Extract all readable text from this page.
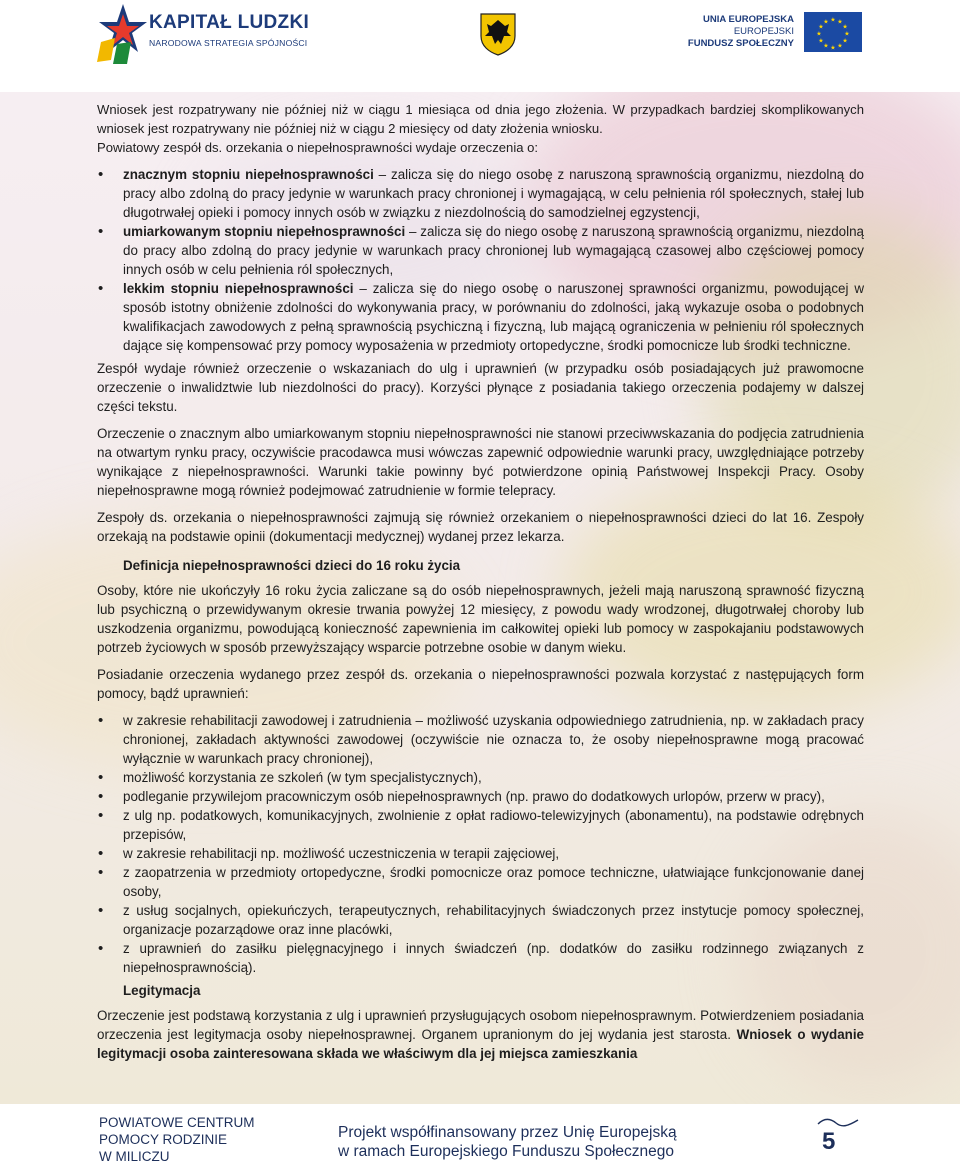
KAPITAŁ LUDZKI
NARODOWA STRATEGIA SPÓJNOŚCI
UNIA EUROPEJSKA
EUROPEJSKI
FUNDUSZ SPOŁECZNY
★ ★
★
★
★
★
★
★
★
★
★
★

Wniosek jest rozpatrywany nie później niż w ciągu 1 miesiąca od dnia jego złożenia. W przypadkach bardziej skomplikowanych wniosek jest rozpatrywany nie później niż w ciągu 2 miesięcy od daty złożenia wniosku.

Powiatowy zespół ds. orzekania o niepełnosprawności wydaje orzeczenia o:

• znacznym stopniu niepełnosprawności – zalicza się do niego osobę z naruszoną sprawnością organizmu, niezdolną do pracy albo zdolną do pracy jedynie w warunkach pracy chronionej i wymagającą, w celu pełnienia ról społecznych, stałej lub długotrwałej opieki i pomocy innych osób w związku z niezdolnością do samodzielnej egzystencji,
• umiarkowanym stopniu niepełnosprawności – zalicza się do niego osobę z naruszoną sprawnością organizmu, niezdolną do pracy albo zdolną do pracy jedynie w warunkach pracy chronionej lub wymagającą czasowej albo częściowej pomocy innych osób w celu pełnienia ról społecznych,
• lekkim stopniu niepełnosprawności – zalicza się do niego osobę o naruszonej sprawności organizmu, powodującej w sposób istotny obniżenie zdolności do wykonywania pracy, w porównaniu do zdolności, jaką wykazuje osoba o podobnych kwalifikacjach zawodowych z pełną sprawnością psychiczną i fizyczną, lub mającą ograniczenia w pełnieniu ról społecznych dające się kompensować przy pomocy wyposażenia w przedmioty ortopedyczne, środki pomocnicze lub środki techniczne.

Zespół wydaje również orzeczenie o wskazaniach do ulg i uprawnień (w przypadku osób posiadających już prawomocne orzeczenie o inwalidztwie lub niezdolności do pracy). Korzyści płynące z posiadania takiego orzeczenia podajemy w dalszej części tekstu.

Orzeczenie o znacznym albo umiarkowanym stopniu niepełnosprawności nie stanowi przeciwwskazania do podjęcia zatrudnienia na otwartym rynku pracy, oczywiście pracodawca musi wówczas zapewnić odpowiednie warunki pracy, uwzględniające potrzeby wynikające z niepełnosprawności. Warunki takie powinny być potwierdzone opinią Państwowej Inspekcji Pracy. Osoby niepełnosprawne mogą również podejmować zatrudnienie w formie telepracy.

Zespoły ds. orzekania o niepełnosprawności zajmują się również orzekaniem o niepełnosprawności dzieci do lat 16. Zespoły orzekają na podstawie opinii (dokumentacji medycznej) wydanej przez lekarza.

Definicja niepełnosprawności dzieci do 16 roku życia

Osoby, które nie ukończyły 16 roku życia zaliczane są do osób niepełnosprawnych, jeżeli mają naruszoną sprawność fizyczną lub psychiczną o przewidywanym okresie trwania powyżej 12 miesięcy, z powodu wady wrodzonej, długotrwałej choroby lub uszkodzenia organizmu, powodującą konieczność zapewnienia im całkowitej opieki lub pomocy w zaspokajaniu podstawowych potrzeb życiowych w sposób przewyższający wsparcie potrzebne osobie w danym wieku.

Posiadanie orzeczenia wydanego przez zespół ds. orzekania o niepełnosprawności pozwala korzystać z następujących form pomocy, bądź uprawnień:

• w zakresie rehabilitacji zawodowej i zatrudnienia – możliwość uzyskania odpowiedniego zatrudnienia, np. w zakładach pracy chronionej, zakładach aktywności zawodowej (oczywiście nie oznacza to, że osoby niepełnosprawne mogą pracować wyłącznie w warunkach pracy chronionej),
• możliwość korzystania ze szkoleń (w tym specjalistycznych),
• podleganie przywilejom pracowniczym osób niepełnosprawnych (np. prawo do dodatkowych urlopów, przerw w pracy),
• z ulg np. podatkowych, komunikacyjnych, zwolnienie z opłat radiowo-telewizyjnych (abonamentu), na podstawie odrębnych przepisów,
• w zakresie rehabilitacji np. możliwość uczestniczenia w terapii zajęciowej,
• z zaopatrzenia w przedmioty ortopedyczne, środki pomocnicze oraz pomoce techniczne, ułatwiające funkcjonowanie danej osoby,
• z usług socjalnych, opiekuńczych, terapeutycznych, rehabilitacyjnych świadczonych przez instytucje pomocy społecznej, organizacje pozarządowe oraz inne placówki,
• z uprawnień do zasiłku pielęgnacyjnego i innych świadczeń (np. dodatków do zasiłku rodzinnego związanych z niepełnosprawnością).
Legitymacja

Orzeczenie jest podstawą korzystania z ulg i uprawnień przysługujących osobom niepełnosprawnym. Potwierdzeniem posiadania orzeczenia jest legitymacja osoby niepełnosprawnej. Organem upranionym do jej wydania jest starosta. Wniosek o wydanie legitymacji osoba zainteresowana składa we właściwym dla jej miejsca zamieszkania

POWIATOWE CENTRUM
POMOCY RODZINIE
W MILICZU
Projekt współfinansowany przez Unię Europejską
w ramach Europejskiego Funduszu Społecznego	5
